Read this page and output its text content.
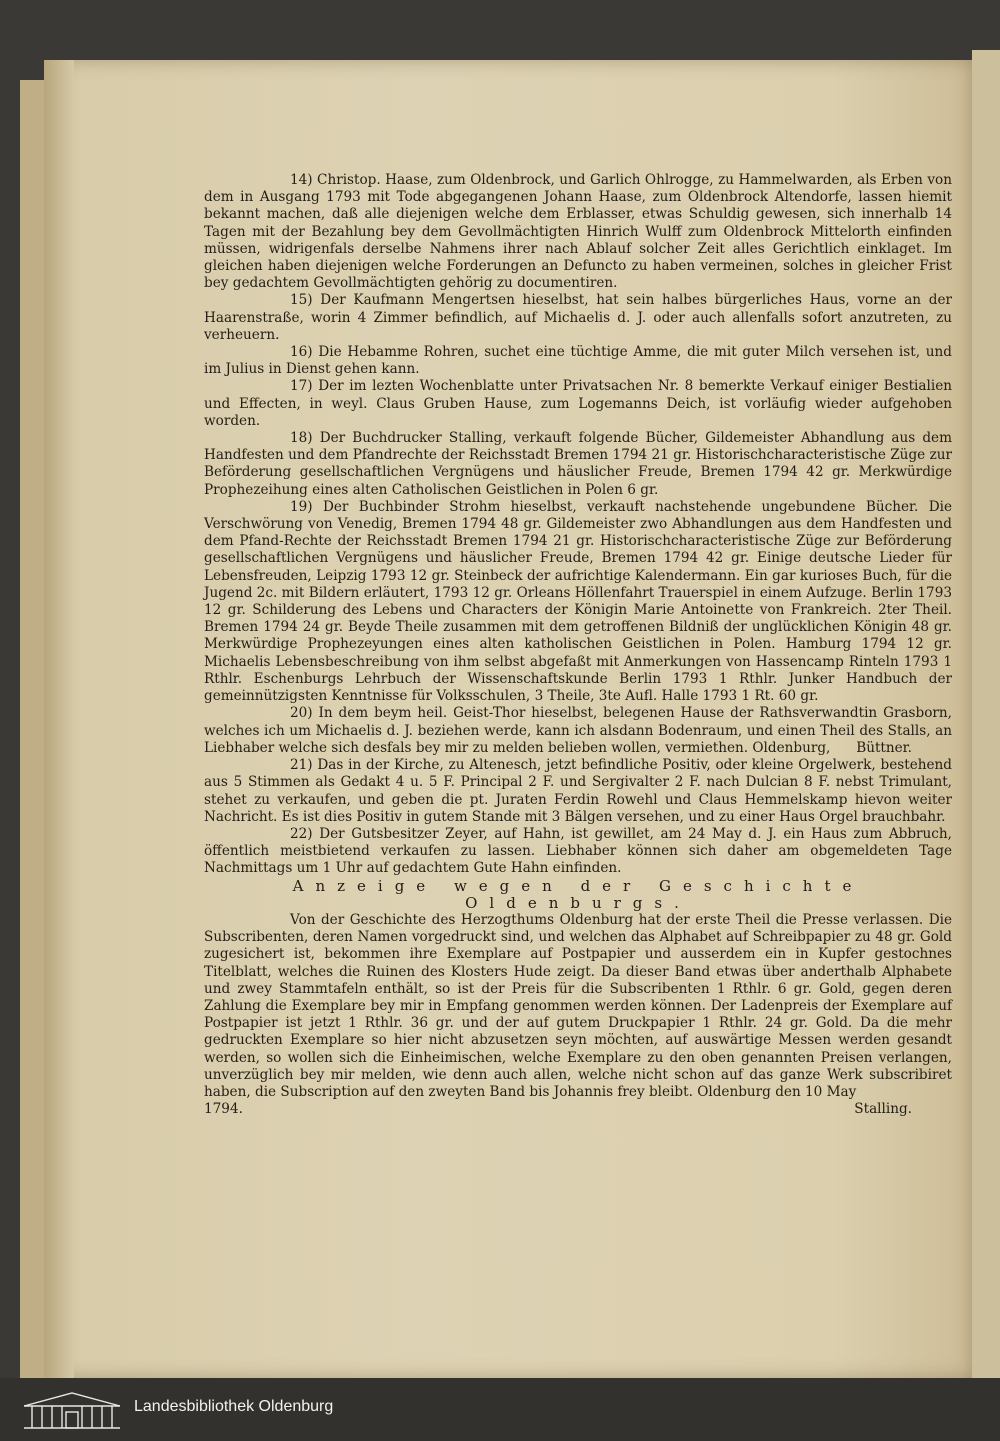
14) Christop. Haase, zum Oldenbrock, und Garlich Ohlrogge, zu Hammelwarden, als Erben von dem in Ausgang 1793 mit Tode abgegangenen Johann Haase, zum Oldenbrock Altendorfe, lassen hiemit bekannt machen, daß alle diejenigen welche dem Erblasser, etwas Schuldig gewesen, sich innerhalb 14 Tagen mit der Bezahlung bey dem Gevollmächtigten Hinrich Wulff zum Oldenbrock Mittelorth einfinden müssen, widrigenfals derselbe Nahmens ihrer nach Ablauf solcher Zeit alles Gerichtlich einklaget. Im gleichen haben diejenigen welche Forderungen an Defuncto zu haben vermeinen, solches in gleicher Frist bey gedachtem Gevollmächtigten gehörig zu documentiren.

15) Der Kaufmann Mengertsen hieselbst, hat sein halbes bürgerliches Haus, vorne an der Haarenstraße, worin 4 Zimmer befindlich, auf Michaelis d. J. oder auch allenfalls sofort anzutreten, zu verheuern.

16) Die Hebamme Rohren, suchet eine tüchtige Amme, die mit guter Milch versehen ist, und im Julius in Dienst gehen kann.

17) Der im lezten Wochenblatte unter Privatsachen Nr. 8 bemerkte Verkauf einiger Bestialien und Effecten, in weyl. Claus Gruben Hause, zum Logemanns Deich, ist vorläufig wieder aufgehoben worden.

18) Der Buchdrucker Stalling, verkauft folgende Bücher, Gildemeister Abhandlung aus dem Handfesten und dem Pfandrechte der Reichsstadt Bremen 1794 21 gr. Historischcharacteristische Züge zur Beförderung gesellschaftlichen Vergnügens und häuslicher Freude, Bremen 1794 42 gr. Merkwürdige Prophezeihung eines alten Catholischen Geistlichen in Polen 6 gr.

19) Der Buchbinder Strohm hieselbst, verkauft nachstehende ungebundene Bücher. Die Verschwörung von Venedig, Bremen 1794 48 gr. Gildemeister zwo Abhandlungen aus dem Handfesten und dem Pfand-Rechte der Reichsstadt Bremen 1794 21 gr. Historischcharacteristische Züge zur Beförderung gesellschaftlichen Vergnügens und häuslicher Freude, Bremen 1794 42 gr. Einige deutsche Lieder für Lebensfreuden, Leipzig 1793 12 gr. Steinbeck der aufrichtige Kalendermann. Ein gar kurioses Buch, für die Jugend 2c. mit Bildern erläutert, 1793 12 gr. Orleans Höllenfahrt Trauerspiel in einem Aufzuge. Berlin 1793 12 gr. Schilderung des Lebens und Characters der Königin Marie Antoinette von Frankreich. 2ter Theil. Bremen 1794 24 gr. Beyde Theile zusammen mit dem getroffenen Bildniß der unglücklichen Königin 48 gr. Merkwürdige Prophezeyungen eines alten katholischen Geistlichen in Polen. Hamburg 1794 12 gr. Michaelis Lebensbeschreibung von ihm selbst abgefaßt mit Anmerkungen von Hassencamp Rinteln 1793 1 Rthlr. Eschenburgs Lehrbuch der Wissenschaftskunde Berlin 1793 1 Rthlr. Junker Handbuch der gemeinnützigsten Kenntnisse für Volksschulen, 3 Theile, 3te Aufl. Halle 1793 1 Rt. 60 gr.

20) In dem beym heil. Geist-Thor hieselbst, belegenen Hause der Rathsverwandtin Grasborn, welches ich um Michaelis d. J. beziehen werde, kann ich alsdann Bodenraum, und einen Theil des Stalls, an Liebhaber welche sich desfals bey mir zu melden belieben wollen, vermiethen. Oldenburg,	Büttner.

21) Das in der Kirche, zu Altenesch, jetzt befindliche Positiv, oder kleine Orgelwerk, bestehend aus 5 Stimmen als Gedakt 4 u. 5 F. Principal 2 F. und Sergivalter 2 F. nach Dulcian 8 F. nebst Trimulant, stehet zu verkaufen, und geben die pt. Juraten Ferdin Rowehl und Claus Hemmelskamp hievon weiter Nachricht. Es ist dies Positiv in gutem Stande mit 3 Bälgen versehen, und zu einer Haus Orgel brauchbahr.

22) Der Gutsbesitzer Zeyer, auf Hahn, ist gewillet, am 24 May d. J. ein Haus zum Abbruch, öffentlich meistbietend verkaufen zu lassen. Liebhaber können sich daher am obgemeldeten Tage Nachmittags um 1 Uhr auf gedachtem Gute Hahn einfinden.

Anzeige wegen der Geschichte Oldenburgs.

Von der Geschichte des Herzogthums Oldenburg hat der erste Theil die Presse verlassen. Die Subscribenten, deren Namen vorgedruckt sind, und welchen das Alphabet auf Schreibpapier zu 48 gr. Gold zugesichert ist, bekommen ihre Exemplare auf Postpapier und ausserdem ein in Kupfer gestochnes Titelblatt, welches die Ruinen des Klosters Hude zeigt. Da dieser Band etwas über anderthalb Alphabete und zwey Stammtafeln enthält, so ist der Preis für die Subscribenten 1 Rthlr. 6 gr. Gold, gegen deren Zahlung die Exemplare bey mir in Empfang genommen werden können. Der Ladenpreis der Exemplare auf Postpapier ist jetzt 1 Rthlr. 36 gr. und der auf gutem Druckpapier 1 Rthlr. 24 gr. Gold. Da die mehr gedruckten Exemplare so hier nicht abzusetzen seyn möchten, auf auswärtige Messen werden gesandt werden, so wollen sich die Einheimischen, welche Exemplare zu den oben genannten Preisen verlangen, unverzüglich bey mir melden, wie denn auch allen, welche nicht schon auf das ganze Werk subscribiret haben, die Subscription auf den zweyten Band bis Johannis frey bleibt. Oldenburg den 10 May

1794.	Stalling.

Landesbibliothek Oldenburg
